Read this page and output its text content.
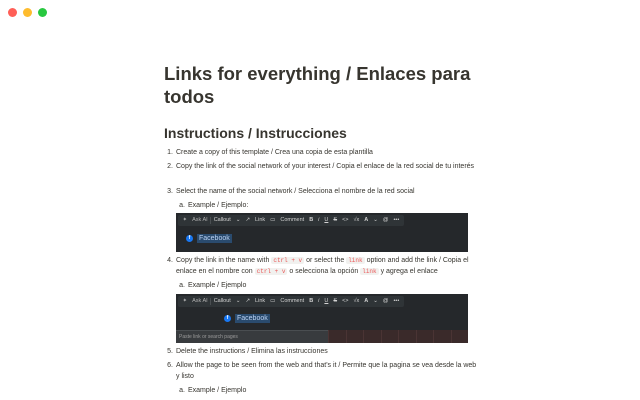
Links for everything / Enlaces para todos
Instructions / Instrucciones
1. Create a copy of this template / Crea una copia de esta plantilla
2. Copy the link of the social network of your interest / Copia el enlace de la red social de tu interés
3. Select the name of the social network / Selecciona el nombre de la red social
a. Example / Ejemplo:
4. Copy the link in the name with ctrl + v or select the link option and add the link / Copia el enlace en el nombre con ctrl + v o selecciona la opción link y agrega el enlace
a. Example / Ejemplo
5. Delete the instructions / Elimina las instrucciones
6. Allow the page to be seen from the web and that's it / Permite que la pagina se vea desde la web y listo
a. Example / Ejemplo
✦ Ask AI	Callout ⌄ ↗ Link ▭ Comment B i U S <> √x A ⌄ @ •••
f	Facebook
✦ Ask AI	Callout ⌄ ↗ Link ▭ Comment B i U S <> √x A ⌄ @ •••
f	Facebook
Paste link or search pages
